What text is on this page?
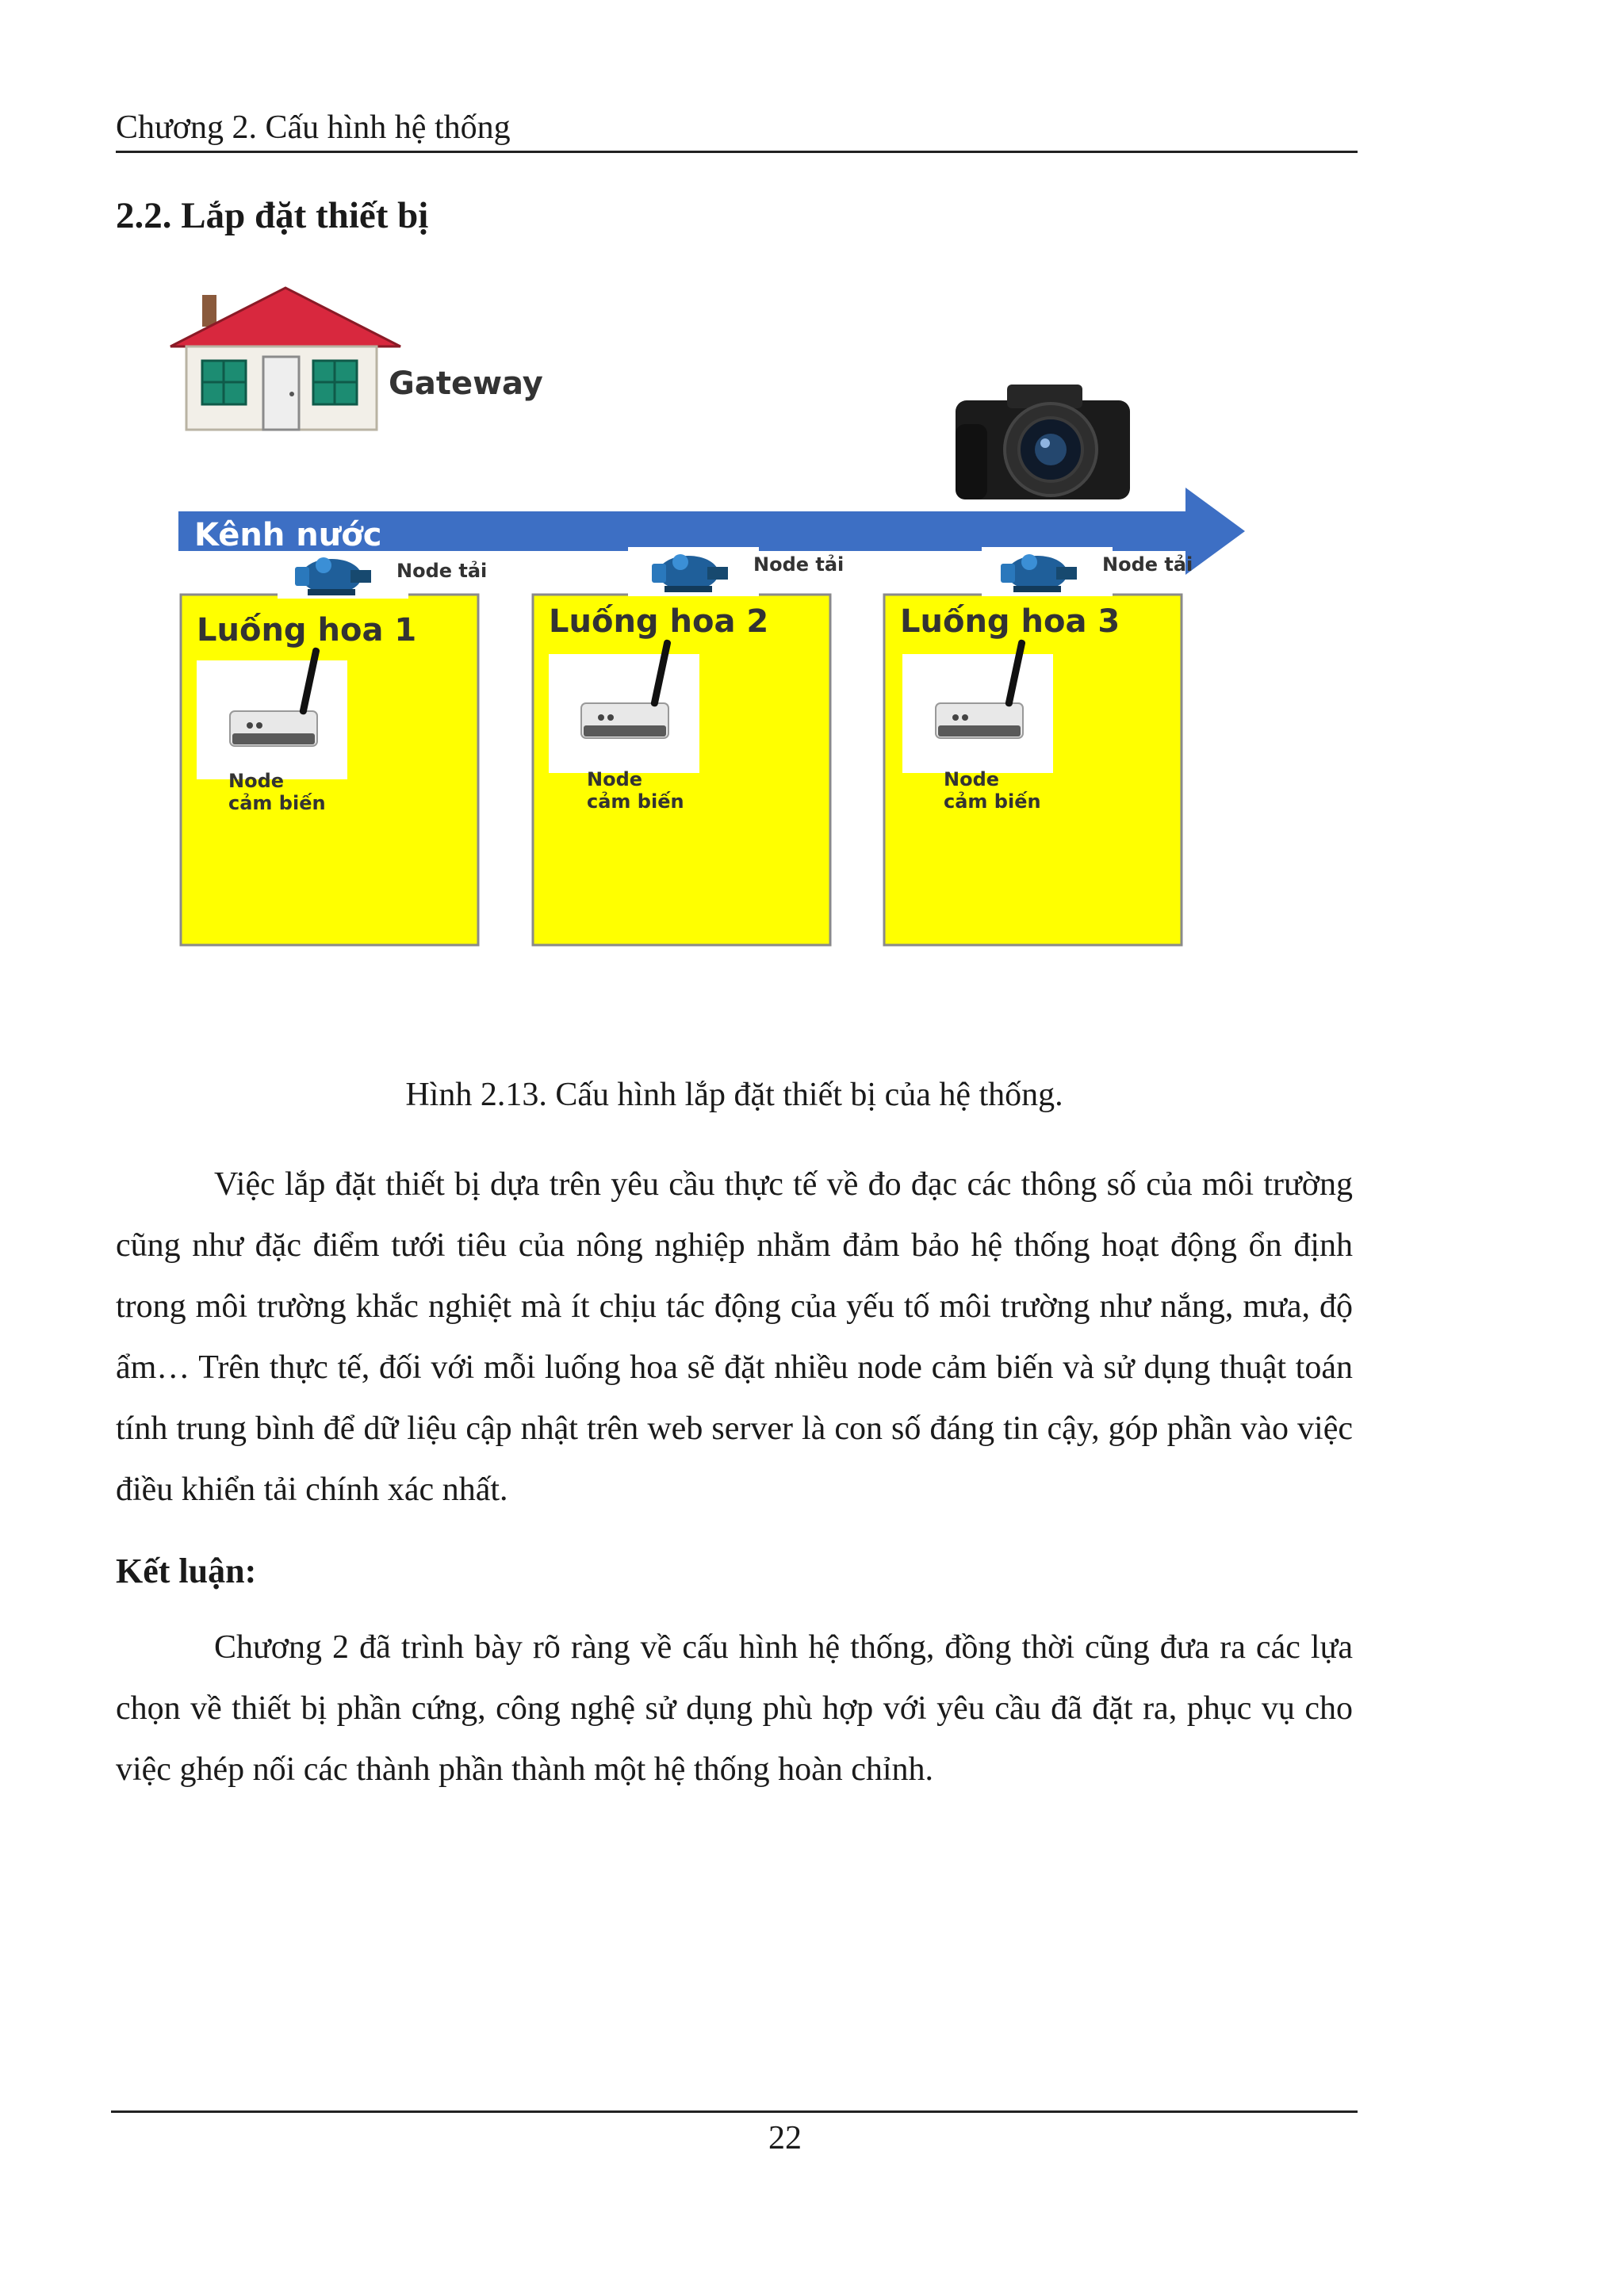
Chương 2. Cấu hình hệ thống
2.2. Lắp đặt thiết bị
Gateway
Kênh nước
Luống hoa 1
Node
cảm biến
Node tải
Luống hoa 2
Node
cảm biến
Node tải
Luống hoa 3
Node
cảm biến
Node tải
Hình 2.13. Cấu hình lắp đặt thiết bị của hệ thống.
Việc lắp đặt thiết bị dựa trên yêu cầu thực tế về đo đạc các thông số của môi trường cũng như đặc điểm tưới tiêu của nông nghiệp nhằm đảm bảo hệ thống hoạt động ổn định trong môi trường khắc nghiệt mà ít chịu tác động của yếu tố môi trường như nắng, mưa, độ ẩm… Trên thực tế, đối với mỗi luống hoa sẽ đặt nhiều node cảm biến và sử dụng thuật toán tính trung bình để dữ liệu cập nhật trên web server là con số đáng tin cậy, góp phần vào việc điều khiển tải chính xác nhất.
Kết luận:
Chương 2 đã trình bày rõ ràng về cấu hình hệ thống, đồng thời cũng đưa ra các lựa chọn về thiết bị phần cứng, công nghệ sử dụng phù hợp với yêu cầu đã đặt ra, phục vụ cho việc ghép nối các thành phần thành một hệ thống hoàn chỉnh.
22
